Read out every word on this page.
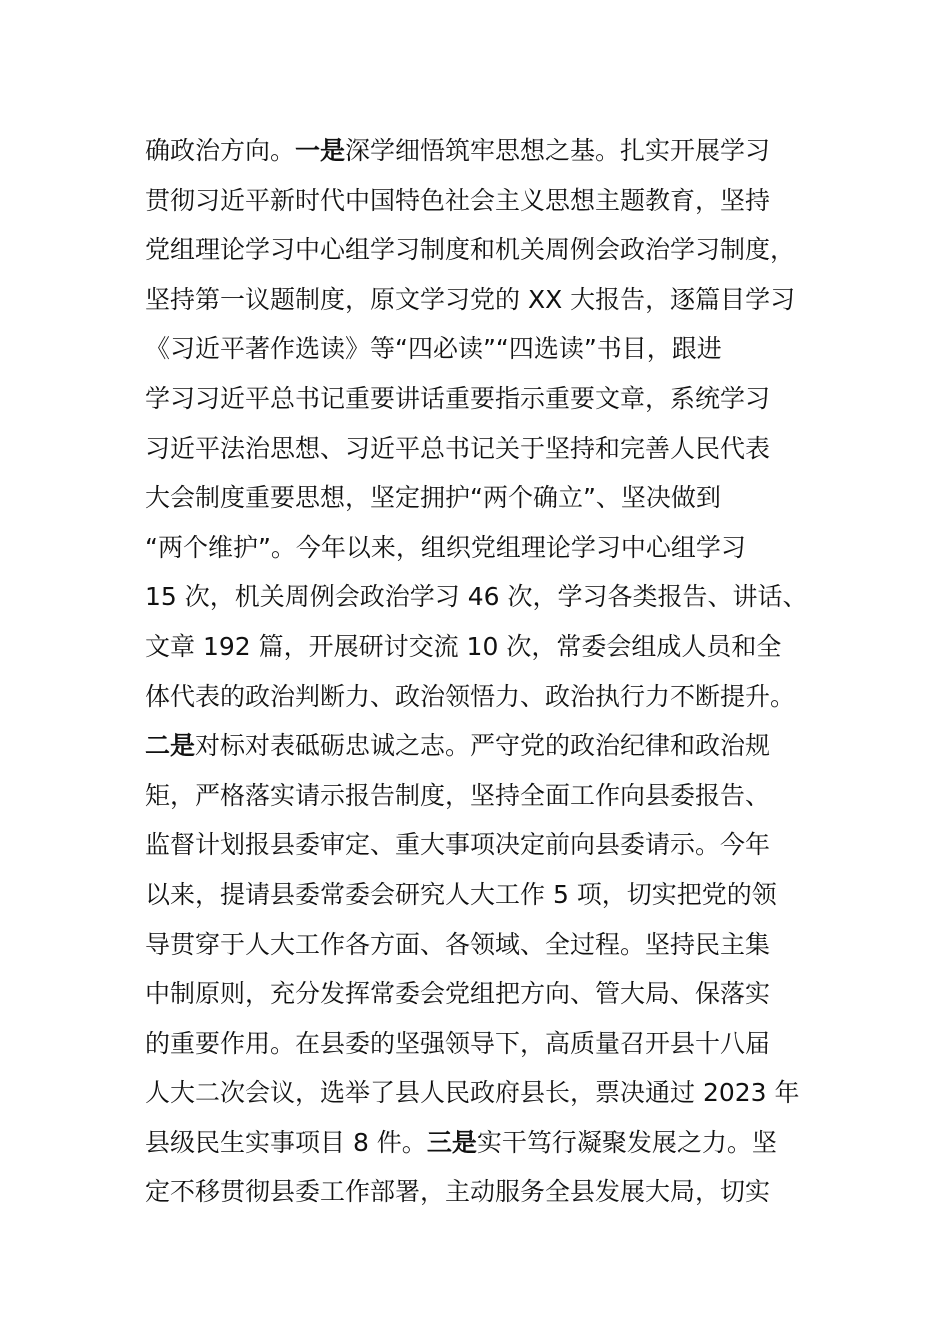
确政治方向。一是深学细悟筑牢思想之基。扎实开展学习
贯彻习近平新时代中国特色社会主义思想主题教育，坚持
党组理论学习中心组学习制度和机关周例会政治学习制度，
坚持第一议题制度，原文学习党的 XX 大报告，逐篇目学习
《习近平著作选读》等“四必读”“四选读”书目，跟进
学习习近平总书记重要讲话重要指示重要文章，系统学习
习近平法治思想、习近平总书记关于坚持和完善人民代表
大会制度重要思想，坚定拥护“两个确立”、坚决做到
“两个维护”。今年以来，组织党组理论学习中心组学习
15 次，机关周例会政治学习 46 次，学习各类报告、讲话、
文章 192 篇，开展研讨交流 10 次，常委会组成人员和全
体代表的政治判断力、政治领悟力、政治执行力不断提升。
二是对标对表砥砺忠诚之志。严守党的政治纪律和政治规
矩，严格落实请示报告制度，坚持全面工作向县委报告、
监督计划报县委审定、重大事项决定前向县委请示。今年
以来，提请县委常委会研究人大工作 5 项，切实把党的领
导贯穿于人大工作各方面、各领域、全过程。坚持民主集
中制原则，充分发挥常委会党组把方向、管大局、保落实
的重要作用。在县委的坚强领导下，高质量召开县十八届
人大二次会议，选举了县人民政府县长，票决通过 2023 年
县级民生实事项目 8 件。三是实干笃行凝聚发展之力。坚
定不移贯彻县委工作部署，主动服务全县发展大局，切实
